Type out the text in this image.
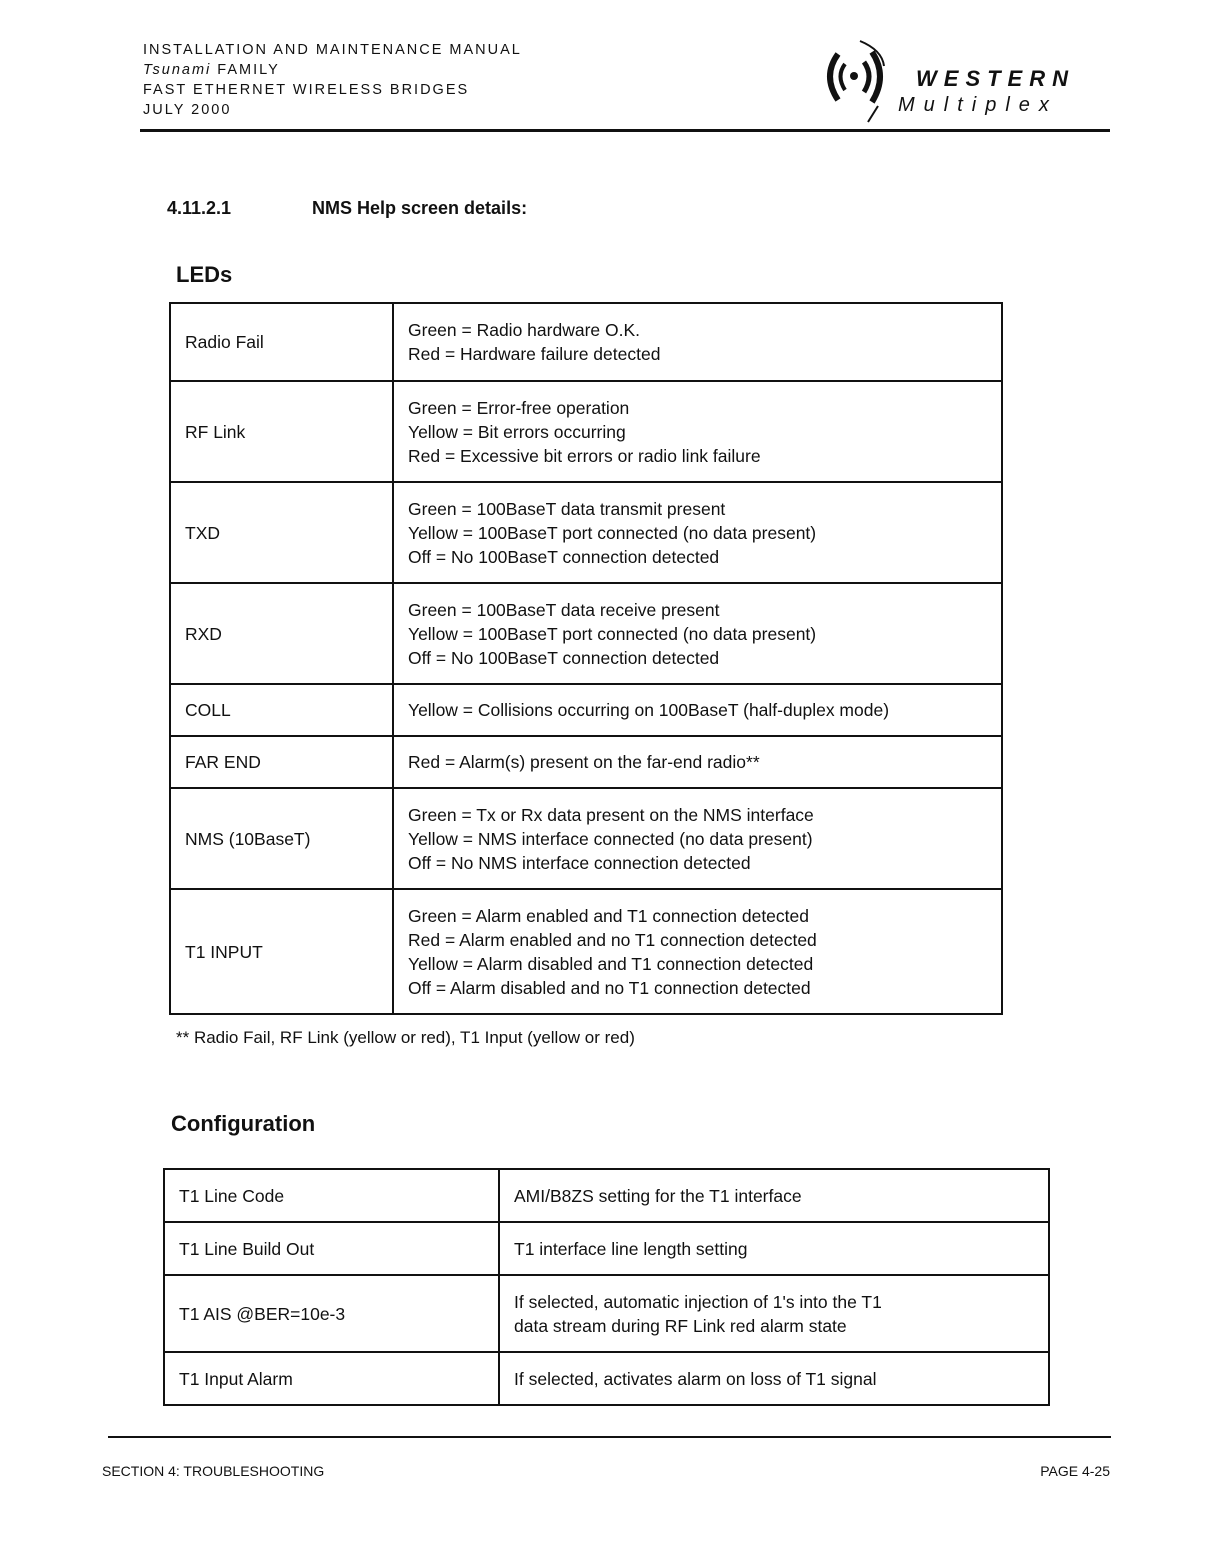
INSTALLATION AND MAINTENANCE MANUAL
Tsunami FAMILY
FAST ETHERNET WIRELESS BRIDGES
JULY 2000
WESTERN
Multiplex
4.11.2.1	NMS Help screen details:
LEDs
Radio Fail	Green = Radio hardware O.K.
Red = Hardware failure detected

RF Link	Green = Error-free operation
Yellow = Bit errors occurring
Red = Excessive bit errors or radio link failure

TXD	Green = 100BaseT data transmit present
Yellow = 100BaseT port connected (no data present)
Off = No 100BaseT connection detected

RXD	Green = 100BaseT data receive present
Yellow = 100BaseT port connected (no data present)
Off = No 100BaseT connection detected

COLL	Yellow = Collisions occurring on 100BaseT (half-duplex mode)

FAR END	Red = Alarm(s) present on the far-end radio**

NMS (10BaseT)	Green = Tx or Rx data present on the NMS interface
Yellow = NMS interface connected (no data present)
Off = No NMS interface connection detected

T1 INPUT	Green = Alarm enabled and T1 connection detected
Red = Alarm enabled and no T1 connection detected
Yellow = Alarm disabled and T1 connection detected
Off = Alarm disabled and no T1 connection detected
** Radio Fail, RF Link (yellow or red), T1 Input (yellow or red)
Configuration
T1 Line Code	AMI/B8ZS setting for the T1 interface

T1 Line Build Out	T1 interface line length setting

T1 AIS @BER=10e-3	If selected, automatic injection of 1's into the T1
data stream during RF Link red alarm state

T1 Input Alarm	If selected, activates alarm on loss of T1 signal
SECTION 4: TROUBLESHOOTING	PAGE 4-25
